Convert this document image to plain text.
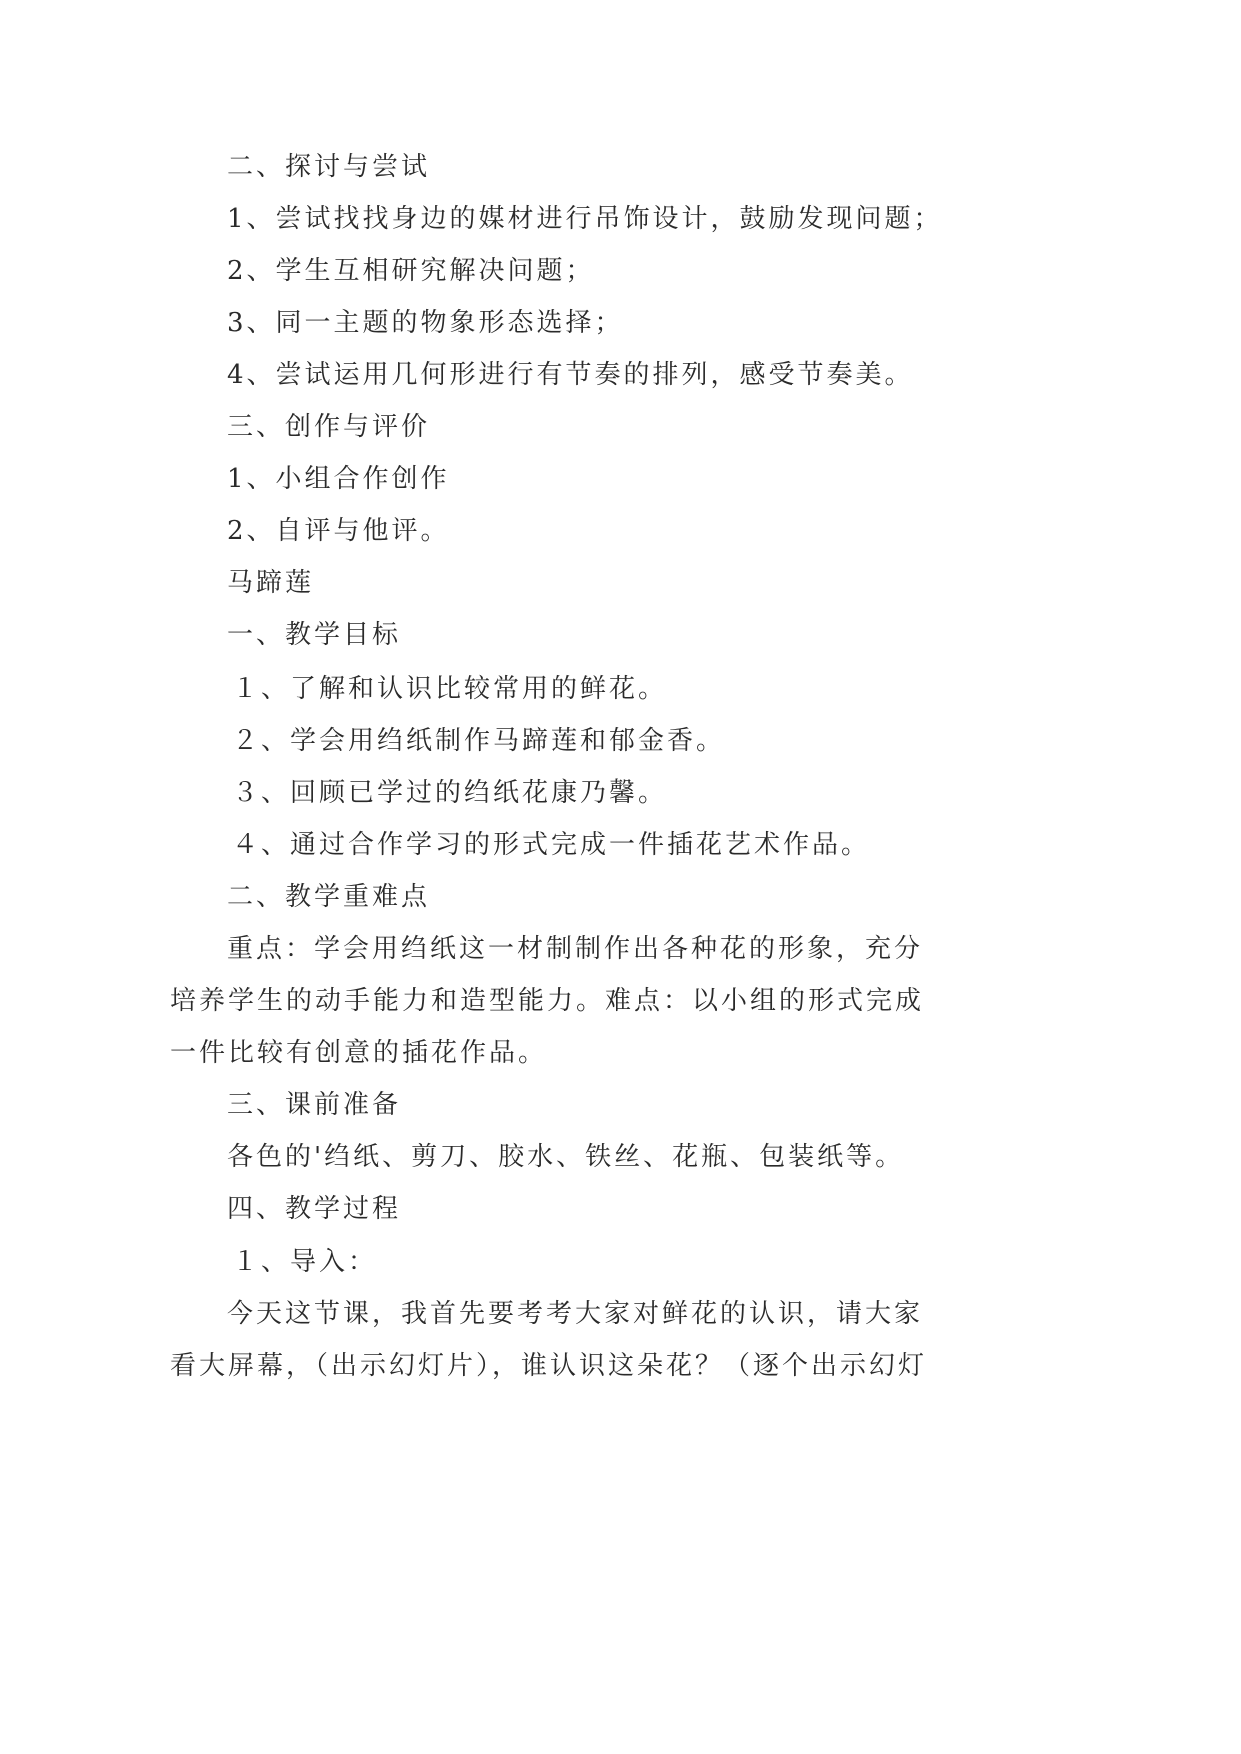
二、探讨与尝试
1、尝试找找身边的媒材进行吊饰设计，鼓励发现问题；
2、学生互相研究解决问题；
3、同一主题的物象形态选择；
4、尝试运用几何形进行有节奏的排列，感受节奏美。
三、创作与评价
1、小组合作创作
2、自评与他评。
马蹄莲
一、教学目标
１、了解和认识比较常用的鲜花。
２、学会用绉纸制作马蹄莲和郁金香。
３、回顾已学过的绉纸花康乃馨。
４、通过合作学习的形式完成一件插花艺术作品。
二、教学重难点
重点：学会用绉纸这一材制制作出各种花的形象，充分
培养学生的动手能力和造型能力。难点：以小组的形式完成
一件比较有创意的插花作品。
三、课前准备
各色的'绉纸、剪刀、胶水、铁丝、花瓶、包装纸等。
四、教学过程
１、导入：
今天这节课，我首先要考考大家对鲜花的认识，请大家
看大屏幕，（出示幻灯片），谁认识这朵花？（逐个出示幻灯
